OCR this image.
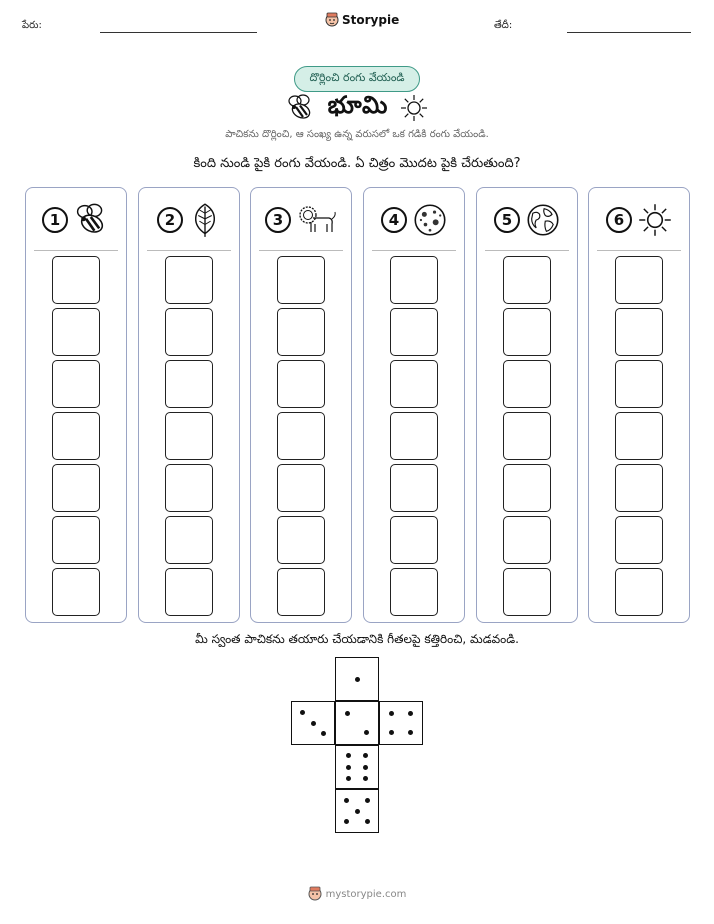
పేరు:	Storypie	తేదీ:
దొర్లించి రంగు వేయండి
భూమి
పాచికను దొర్లించి, ఆ సంఖ్య ఉన్న వరుసలో ఒక గడికి రంగు వేయండి.
కింది నుండి పైకి రంగు వేయండి. ఏ చిత్రం మొదట పైకి చేరుతుంది?
1	2	3	4	5	6
మీ స్వంత పాచికను తయారు చేయడానికి గీతలపై కత్తిరించి, మడవండి.
mystorypie.com
